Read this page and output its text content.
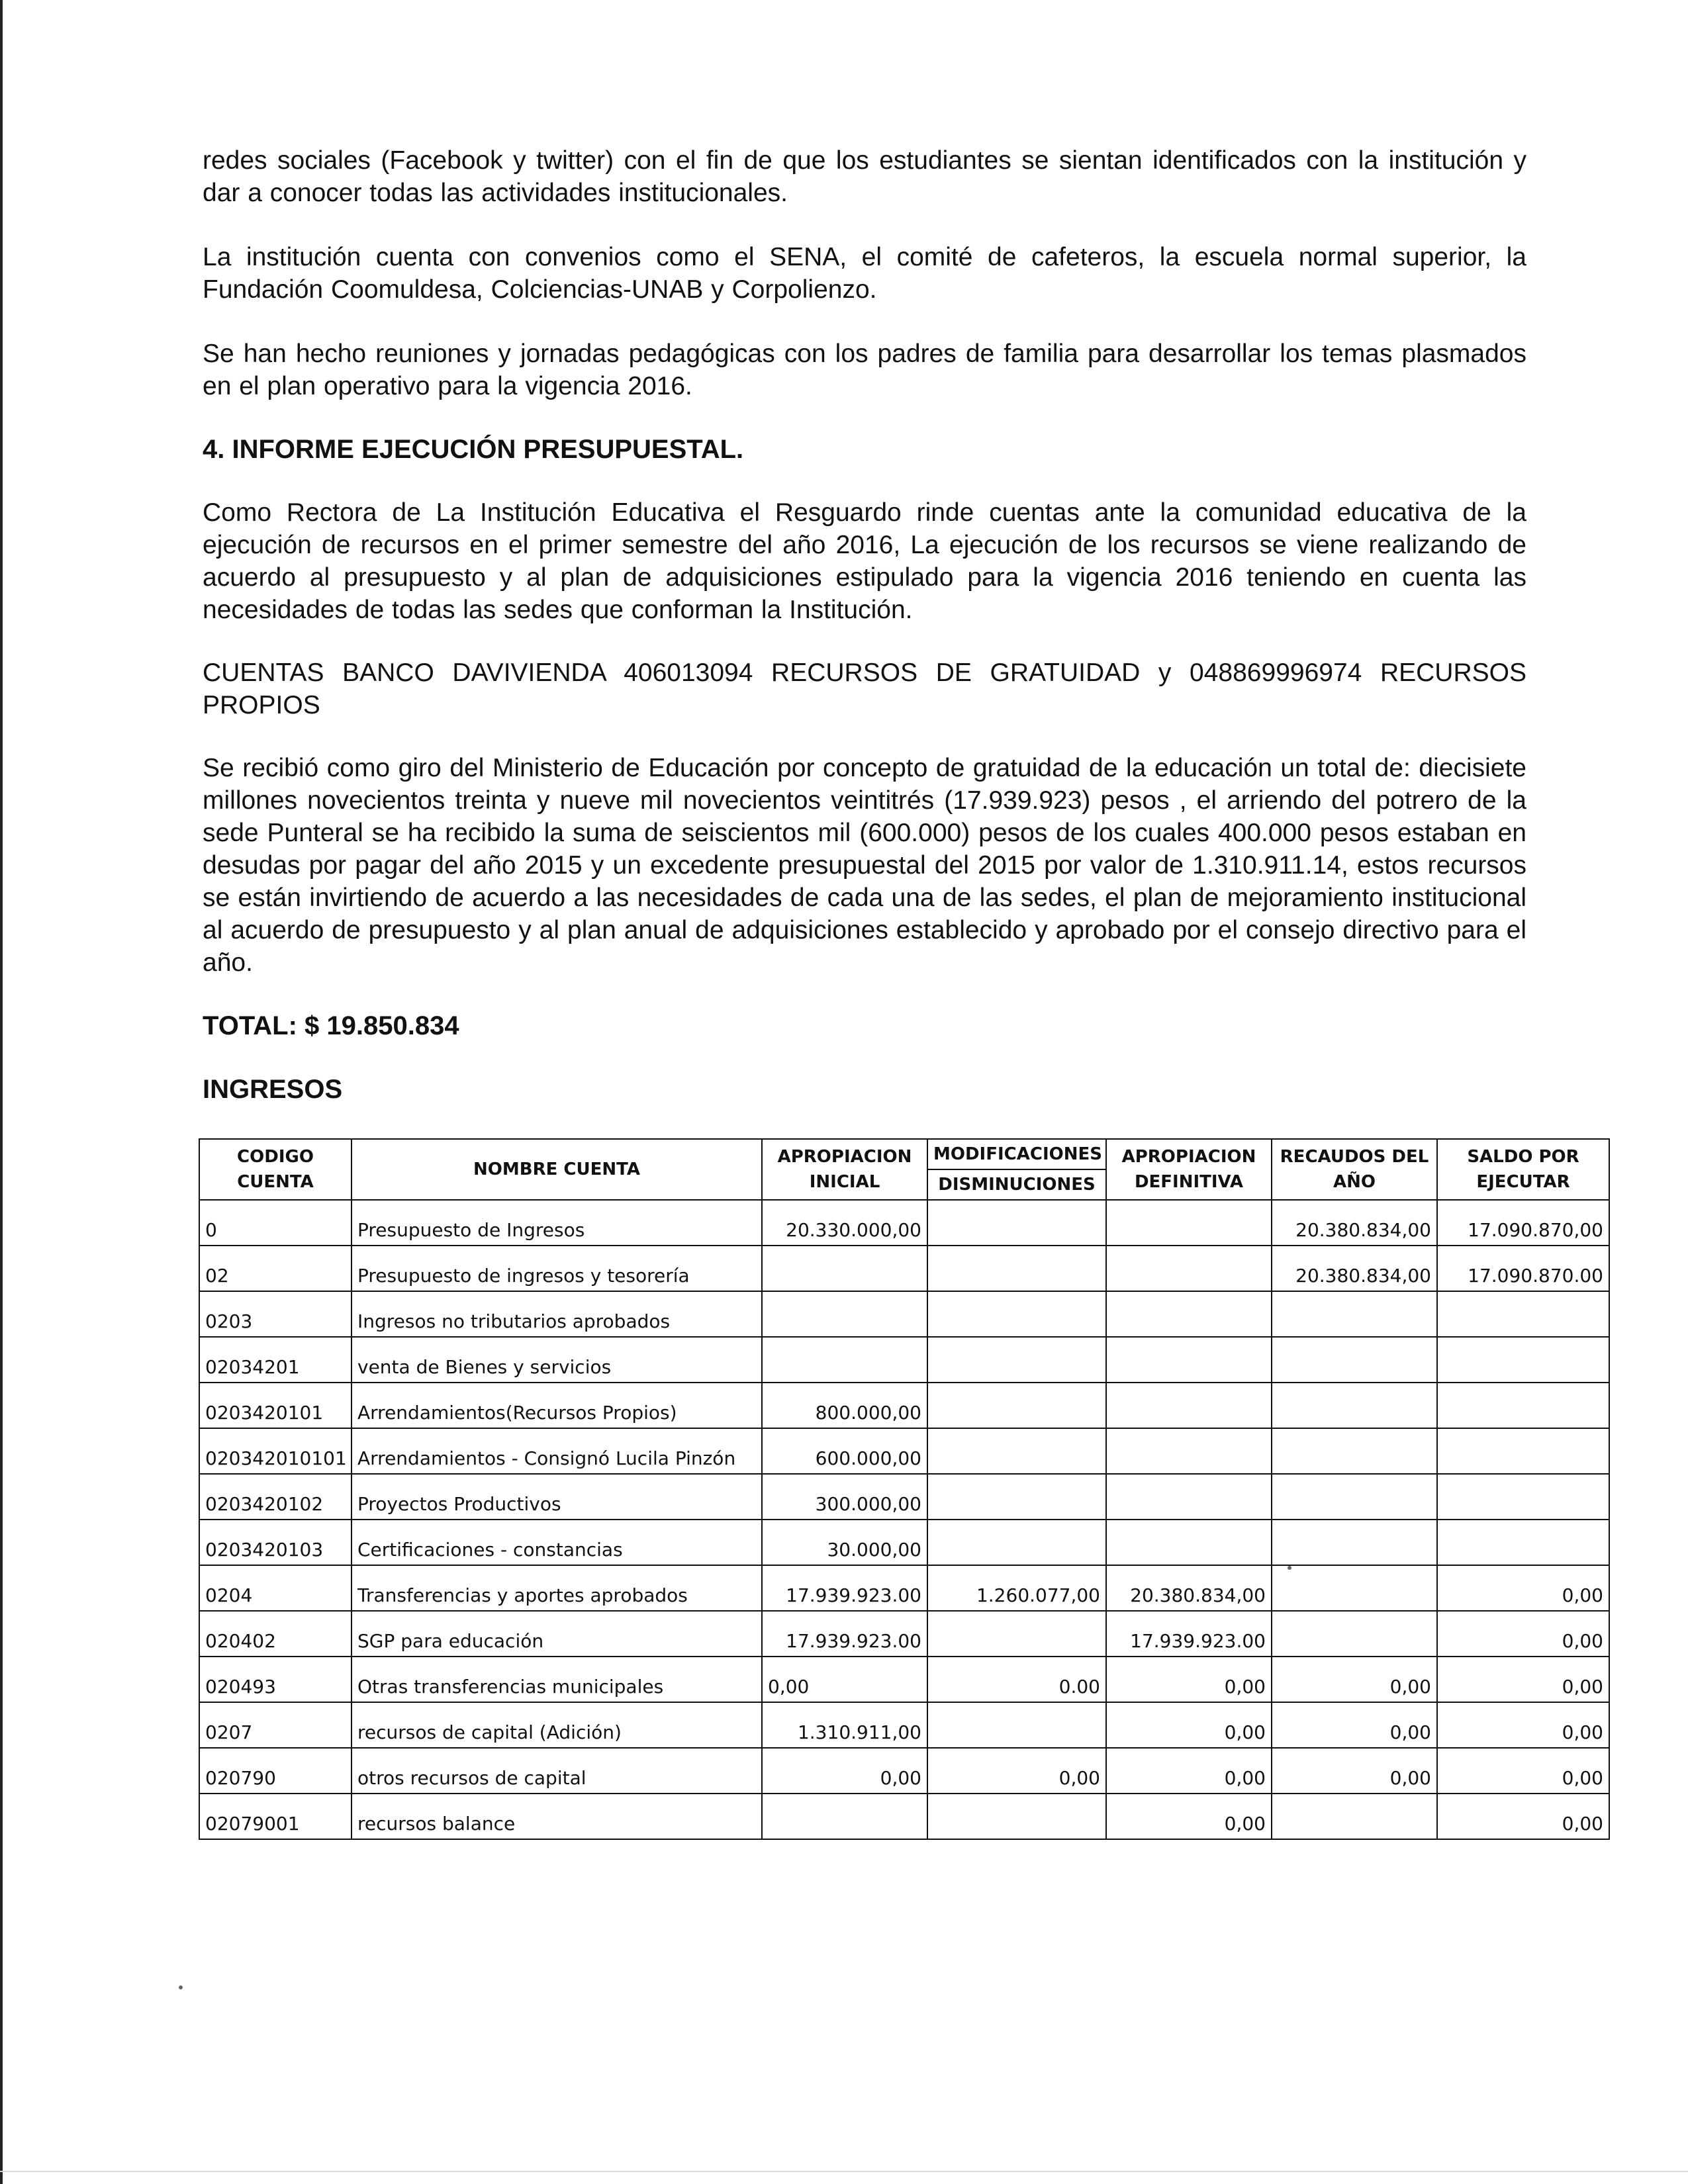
redes sociales (Facebook y twitter) con el fin de que los estudiantes se sientan identificados con la institución y dar a conocer todas las actividades institucionales.

La institución cuenta con convenios como el SENA, el comité de cafeteros, la escuela normal superior, la Fundación Coomuldesa, Colciencias-UNAB y Corpolienzo.

Se han hecho reuniones y jornadas pedagógicas con los padres de familia para desarrollar los temas plasmados en el plan operativo para la vigencia 2016.

4. INFORME EJECUCIÓN PRESUPUESTAL.

Como Rectora de La Institución Educativa el Resguardo rinde cuentas ante la comunidad educativa de la ejecución de recursos en el primer semestre del año 2016, La ejecución de los recursos se viene realizando de acuerdo al presupuesto y al plan de adquisiciones estipulado para la vigencia 2016 teniendo en cuenta las necesidades de todas las sedes que conforman la Institución.

CUENTAS BANCO DAVIVIENDA 406013094 RECURSOS DE GRATUIDAD y 048869996974 RECURSOS PROPIOS

Se recibió como giro del Ministerio de Educación por concepto de gratuidad de la educación un total de: diecisiete millones novecientos treinta y nueve mil novecientos veintitrés (17.939.923) pesos , el arriendo del potrero de la sede Punteral se ha recibido la suma de seiscientos mil (600.000) pesos de los cuales 400.000 pesos estaban en desudas por pagar del año 2015 y un excedente presupuestal del 2015 por valor de 1.310.911.14, estos recursos se están invirtiendo de acuerdo a las necesidades de cada una de las sedes, el plan de mejoramiento institucional al acuerdo de presupuesto y al plan anual de adquisiciones establecido y aprobado por el consejo directivo para el año.

TOTAL: $ 19.850.834

INGRESOS

CODIGO CUENTA	NOMBRE CUENTA	APROPIACION INICIAL	MODIFICACIONES	APROPIACION DEFINITIVA	RECAUDOS DEL AÑO	SALDO POR EJECUTAR
			DISMINUCIONES			
0	Presupuesto de Ingresos	20.330.000,00			20.380.834,00	17.090.870,00
02	Presupuesto de ingresos y tesorería				20.380.834,00	17.090.870.00
0203	Ingresos no tributarios aprobados					
02034201	venta de Bienes y servicios					
0203420101	Arrendamientos(Recursos Propios)	800.000,00				
020342010101	Arrendamientos - Consignó Lucila Pinzón	600.000,00				
0203420102	Proyectos Productivos	300.000,00				
0203420103	Certificaciones - constancias	30.000,00				
0204	Transferencias y aportes aprobados	17.939.923.00	1.260.077,00	20.380.834,00		0,00
020402	SGP para educación	17.939.923.00		17.939.923.00		0,00
020493	Otras transferencias municipales	0,00	0.00	0,00	0,00	0,00
0207	recursos de capital (Adición)	1.310.911,00		0,00	0,00	0,00
020790	otros recursos de capital	0,00	0,00	0,00	0,00	0,00
02079001	recursos balance			0,00		0,00
